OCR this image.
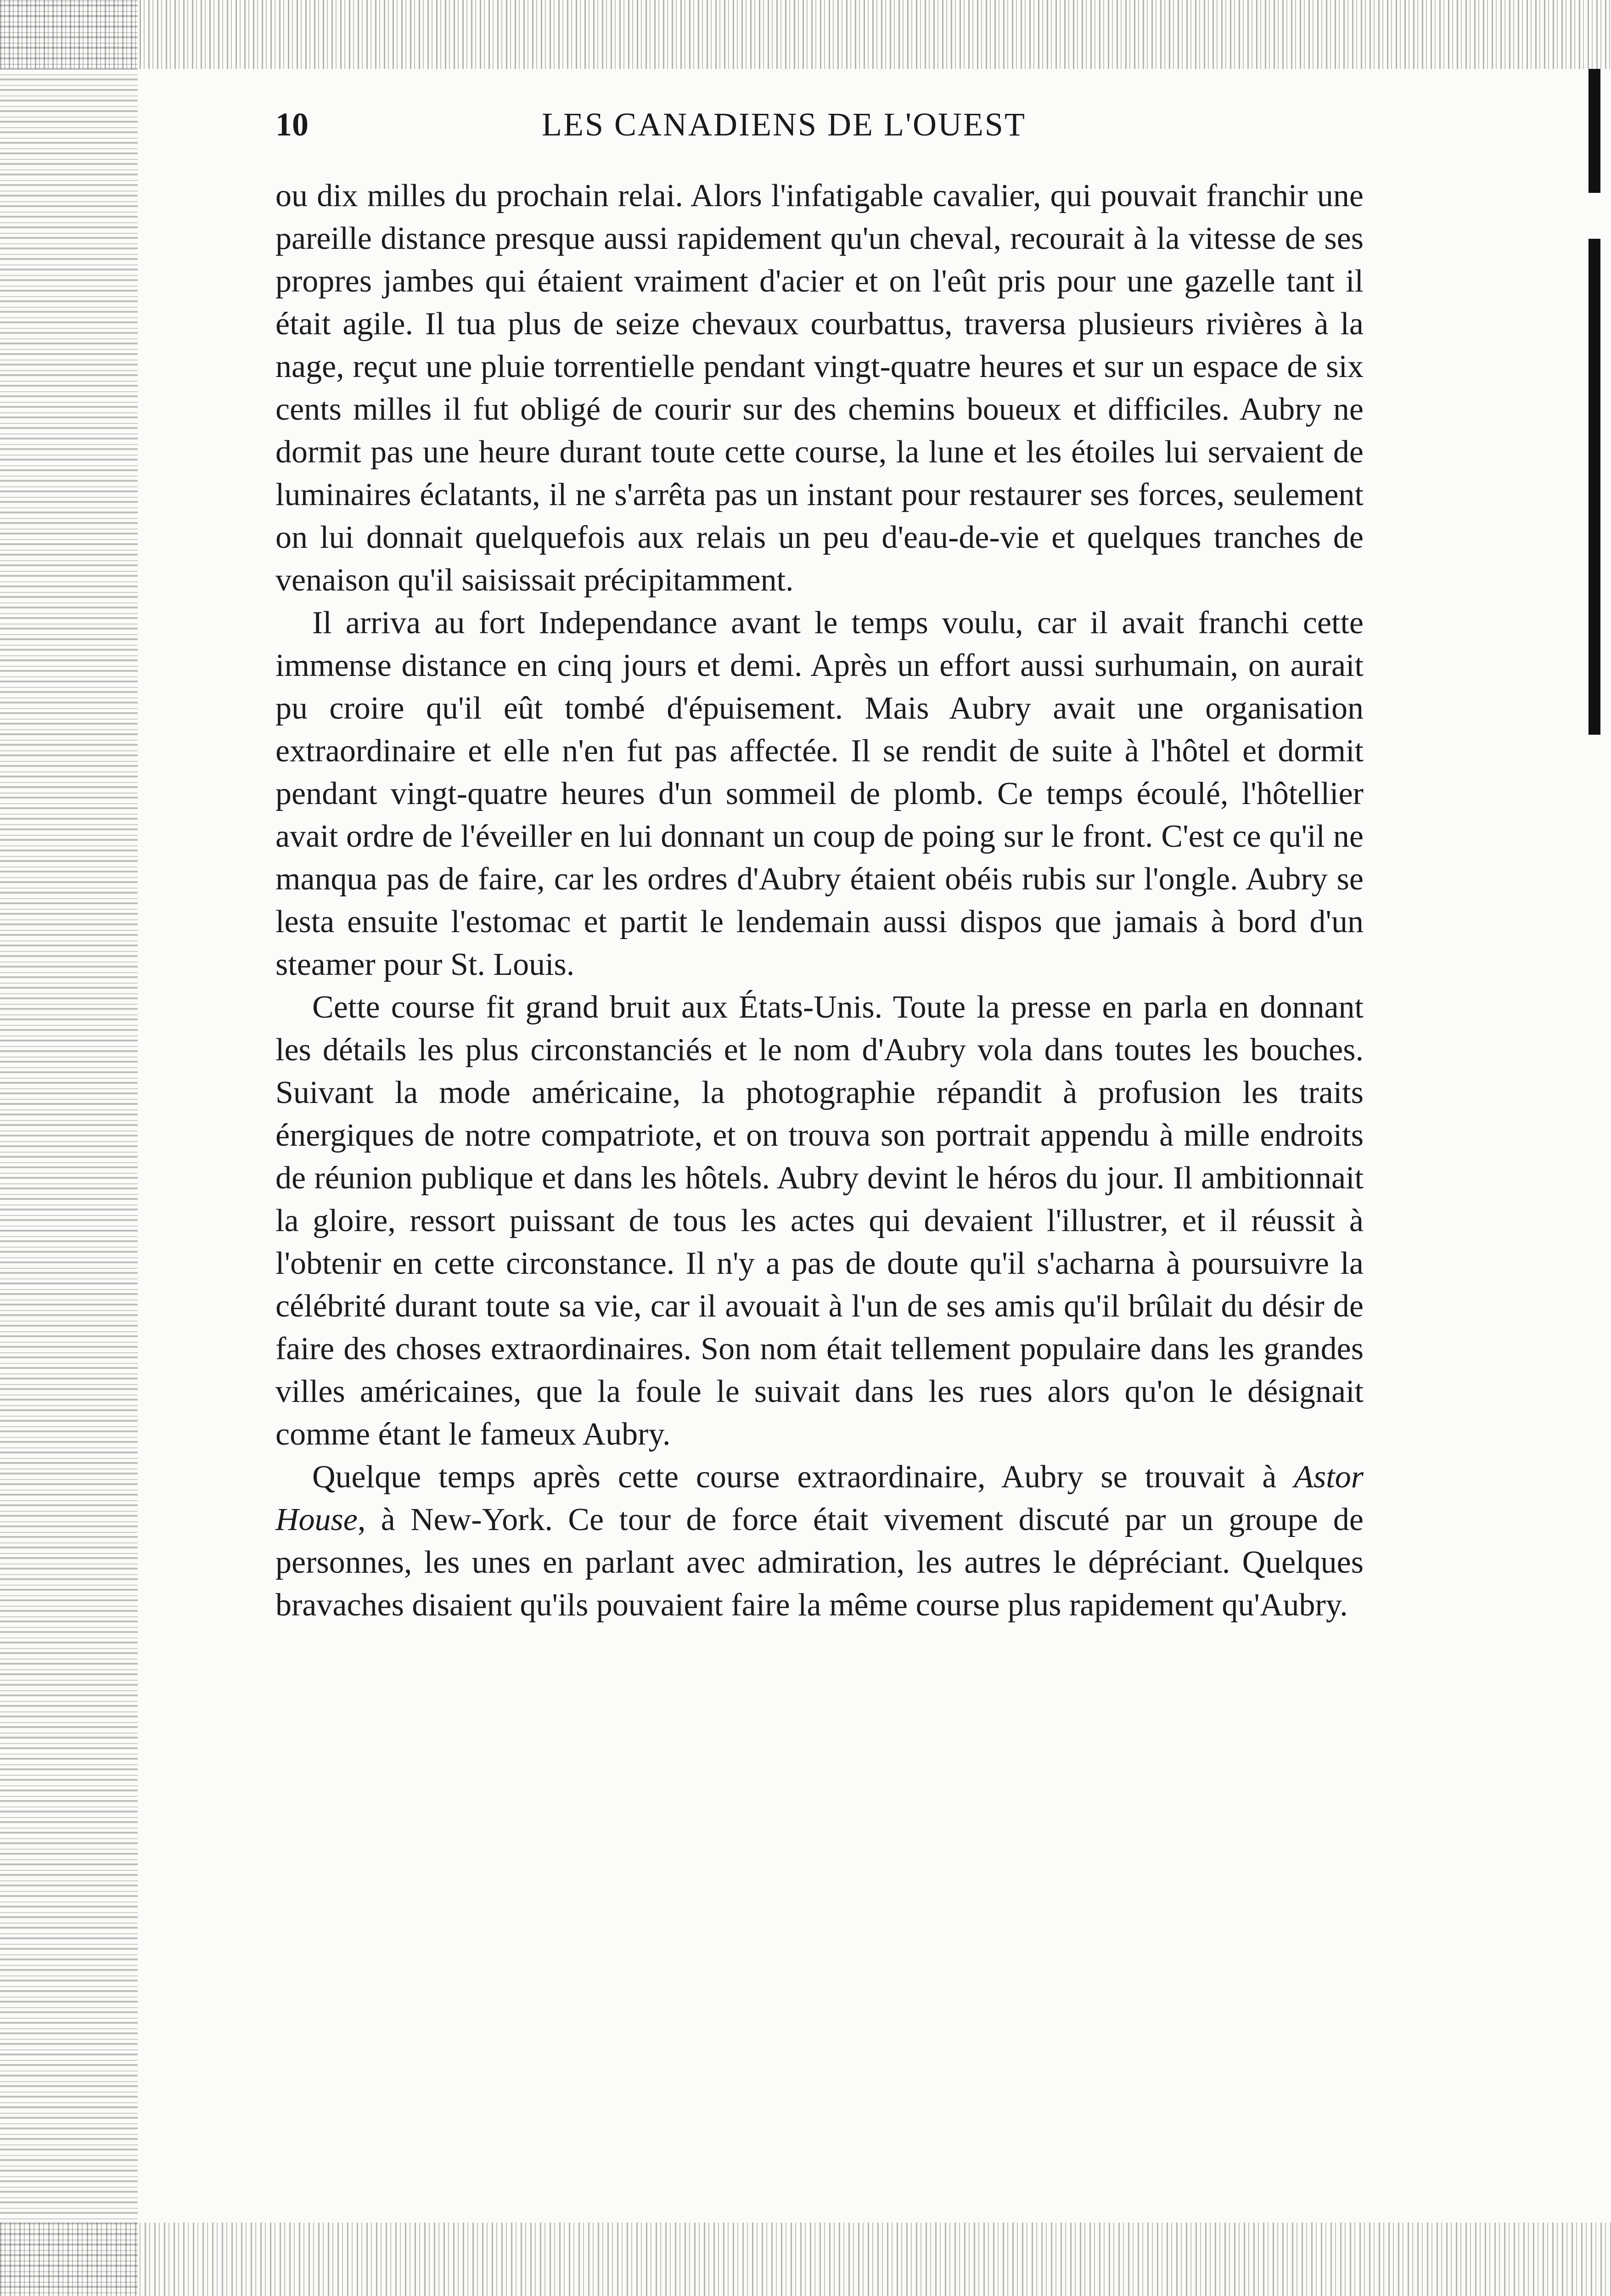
10	LES CANADIENS DE L'OUEST

ou dix milles du prochain relai. Alors l'infatigable cavalier, qui pouvait franchir une pareille distance presque aussi rapidement qu'un cheval, recourait à la vitesse de ses propres jambes qui étaient vraiment d'acier et on l'eût pris pour une gazelle tant il était agile. Il tua plus de seize chevaux courbattus, traversa plusieurs rivières à la nage, reçut une pluie torrentielle pendant vingt-quatre heures et sur un espace de six cents milles il fut obligé de courir sur des chemins boueux et difficiles. Aubry ne dormit pas une heure durant toute cette course, la lune et les étoiles lui servaient de luminaires éclatants, il ne s'arrêta pas un instant pour restaurer ses forces, seulement on lui donnait quelquefois aux relais un peu d'eau-de-vie et quelques tranches de venaison qu'il saisissait précipitamment.

Il arriva au fort Independance avant le temps voulu, car il avait franchi cette immense distance en cinq jours et demi. Après un effort aussi surhumain, on aurait pu croire qu'il eût tombé d'épuisement. Mais Aubry avait une organisation extraordinaire et elle n'en fut pas affectée. Il se rendit de suite à l'hôtel et dormit pendant vingt-quatre heures d'un sommeil de plomb. Ce temps écoulé, l'hôtellier avait ordre de l'éveiller en lui donnant un coup de poing sur le front. C'est ce qu'il ne manqua pas de faire, car les ordres d'Aubry étaient obéis rubis sur l'ongle. Aubry se lesta ensuite l'estomac et partit le lendemain aussi dispos que jamais à bord d'un steamer pour St. Louis.

Cette course fit grand bruit aux États-Unis. Toute la presse en parla en donnant les détails les plus circonstanciés et le nom d'Aubry vola dans toutes les bouches. Suivant la mode américaine, la photographie répandit à profusion les traits énergiques de notre compatriote, et on trouva son portrait appendu à mille endroits de réunion publique et dans les hôtels. Aubry devint le héros du jour. Il ambitionnait la gloire, ressort puissant de tous les actes qui devaient l'illustrer, et il réussit à l'obtenir en cette circonstance. Il n'y a pas de doute qu'il s'acharna à poursuivre la célébrité durant toute sa vie, car il avouait à l'un de ses amis qu'il brûlait du désir de faire des choses extraordinaires. Son nom était tellement populaire dans les grandes villes américaines, que la foule le suivait dans les rues alors qu'on le désignait comme étant le fameux Aubry.

Quelque temps après cette course extraordinaire, Aubry se trouvait à Astor House, à New-York. Ce tour de force était vivement discuté par un groupe de personnes, les unes en parlant avec admiration, les autres le dépréciant. Quelques bravaches disaient qu'ils pouvaient faire la même course plus rapidement qu'Aubry.
